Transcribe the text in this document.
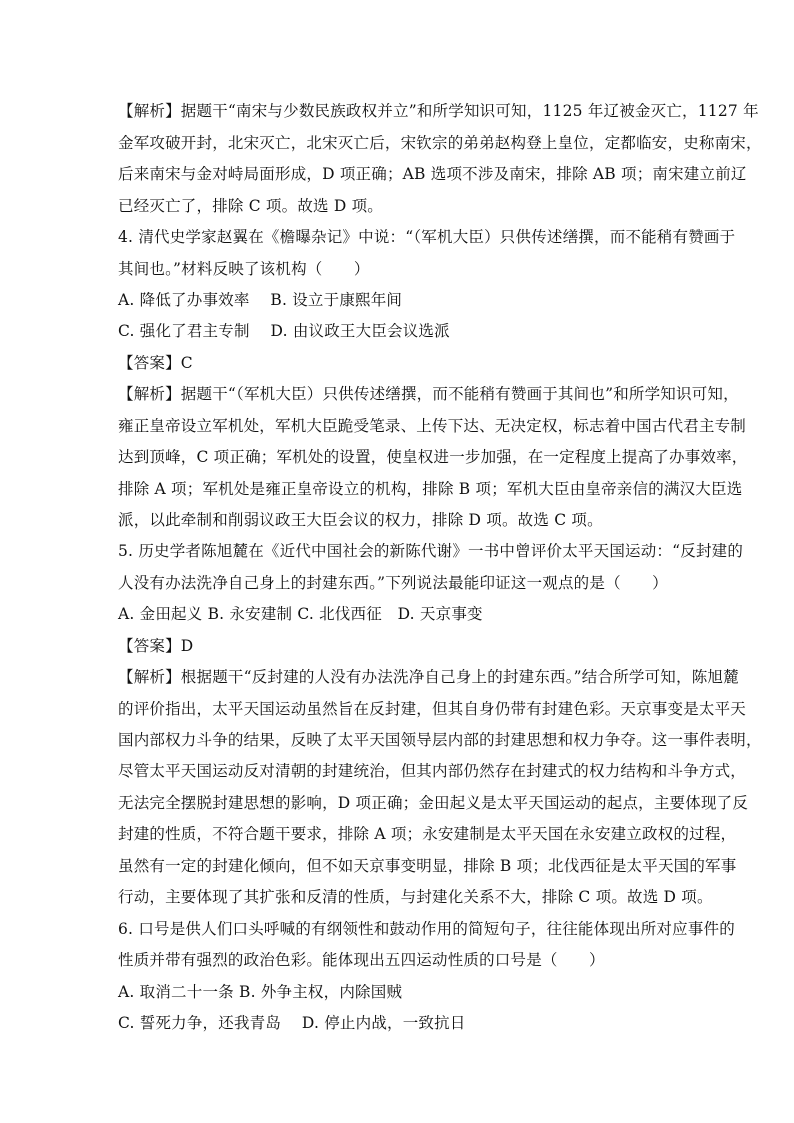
【解析】据题干“南宋与少数民族政权并立”和所学知识可知，1125 年辽被金灭亡，1127 年
金军攻破开封，北宋灭亡，北宋灭亡后，宋钦宗的弟弟赵构登上皇位，定都临安，史称南宋，
后来南宋与金对峙局面形成，D 项正确；AB 选项不涉及南宋，排除 AB 项；南宋建立前辽
已经灭亡了，排除 C 项。故选 D 项。
4. 清代史学家赵翼在《檐曝杂记》中说：“（军机大臣）只供传述缮撰，而不能稍有赞画于
其间也。”材料反映了该机构（　　）
A. 降低了办事效率　 B. 设立于康熙年间
C. 强化了君主专制　 D. 由议政王大臣会议选派
【答案】C
【解析】据题干“（军机大臣）只供传述缮撰，而不能稍有赞画于其间也”和所学知识可知，
雍正皇帝设立军机处，军机大臣跪受笔录、上传下达、无决定权，标志着中国古代君主专制
达到顶峰，C 项正确；军机处的设置，使皇权进一步加强，在一定程度上提高了办事效率，
排除 A 项；军机处是雍正皇帝设立的机构，排除 B 项；军机大臣由皇帝亲信的满汉大臣选
派，以此牵制和削弱议政王大臣会议的权力，排除 D 项。故选 C 项。
5. 历史学者陈旭麓在《近代中国社会的新陈代谢》一书中曾评价太平天国运动：“反封建的
人没有办法洗净自己身上的封建东西。”下列说法最能印证这一观点的是（　　）
A. 金田起义 B. 永安建制 C. 北伐西征　D. 天京事变
【答案】D
【解析】根据题干“反封建的人没有办法洗净自己身上的封建东西。”结合所学可知，陈旭麓
的评价指出，太平天国运动虽然旨在反封建，但其自身仍带有封建色彩。天京事变是太平天
国内部权力斗争的结果，反映了太平天国领导层内部的封建思想和权力争夺。这一事件表明，
尽管太平天国运动反对清朝的封建统治，但其内部仍然存在封建式的权力结构和斗争方式，
无法完全摆脱封建思想的影响，D 项正确；金田起义是太平天国运动的起点，主要体现了反
封建的性质，不符合题干要求，排除 A 项；永安建制是太平天国在永安建立政权的过程，
虽然有一定的封建化倾向，但不如天京事变明显，排除 B 项；北伐西征是太平天国的军事
行动，主要体现了其扩张和反清的性质，与封建化关系不大，排除 C 项。故选 D 项。
6. 口号是供人们口头呼喊的有纲领性和鼓动作用的简短句子，往往能体现出所对应事件的
性质并带有强烈的政治色彩。能体现出五四运动性质的口号是（　　）
A. 取消二十一条 B. 外争主权，内除国贼
C. 誓死力争，还我青岛　 D. 停止内战，一致抗日
